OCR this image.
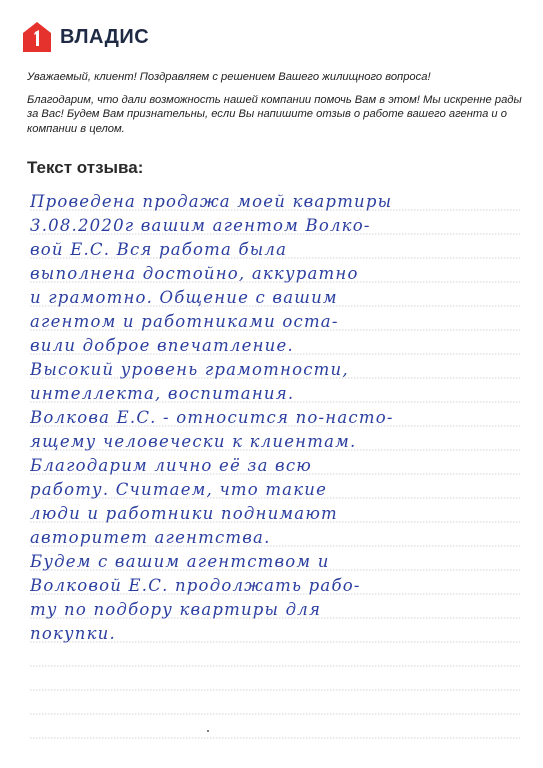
ВЛАДИС

Уважаемый, клиент! Поздравляем с решением Вашего жилищного вопроса!

Благодарим, что дали возможность нашей компании помочь Вам в этом! Мы искренне рады за Вас! Будем Вам признательны, если Вы напишите отзыв о работе вашего агента и о компании в целом.

Текст отзыва:
Проведена продажа моей квартиры
3.08.2020г вашим агентом Волко-
вой Е.С. Вся работа была
выполнена достойно, аккуратно
и грамотно. Общение с вашим
агентом и работниками оста-
вили доброе впечатление.
Высокий уровень грамотности,
интеллекта, воспитания.
Волкова Е.С. - относится по-насто-
ящему человечески к клиентам.
Благодарим лично её за всю
работу. Считаем, что такие
люди и работники поднимают
авторитет агентства.
Будем с вашим агентством и
Волковой Е.С. продолжать рабо-
ту по подбору квартиры для
покупки.
